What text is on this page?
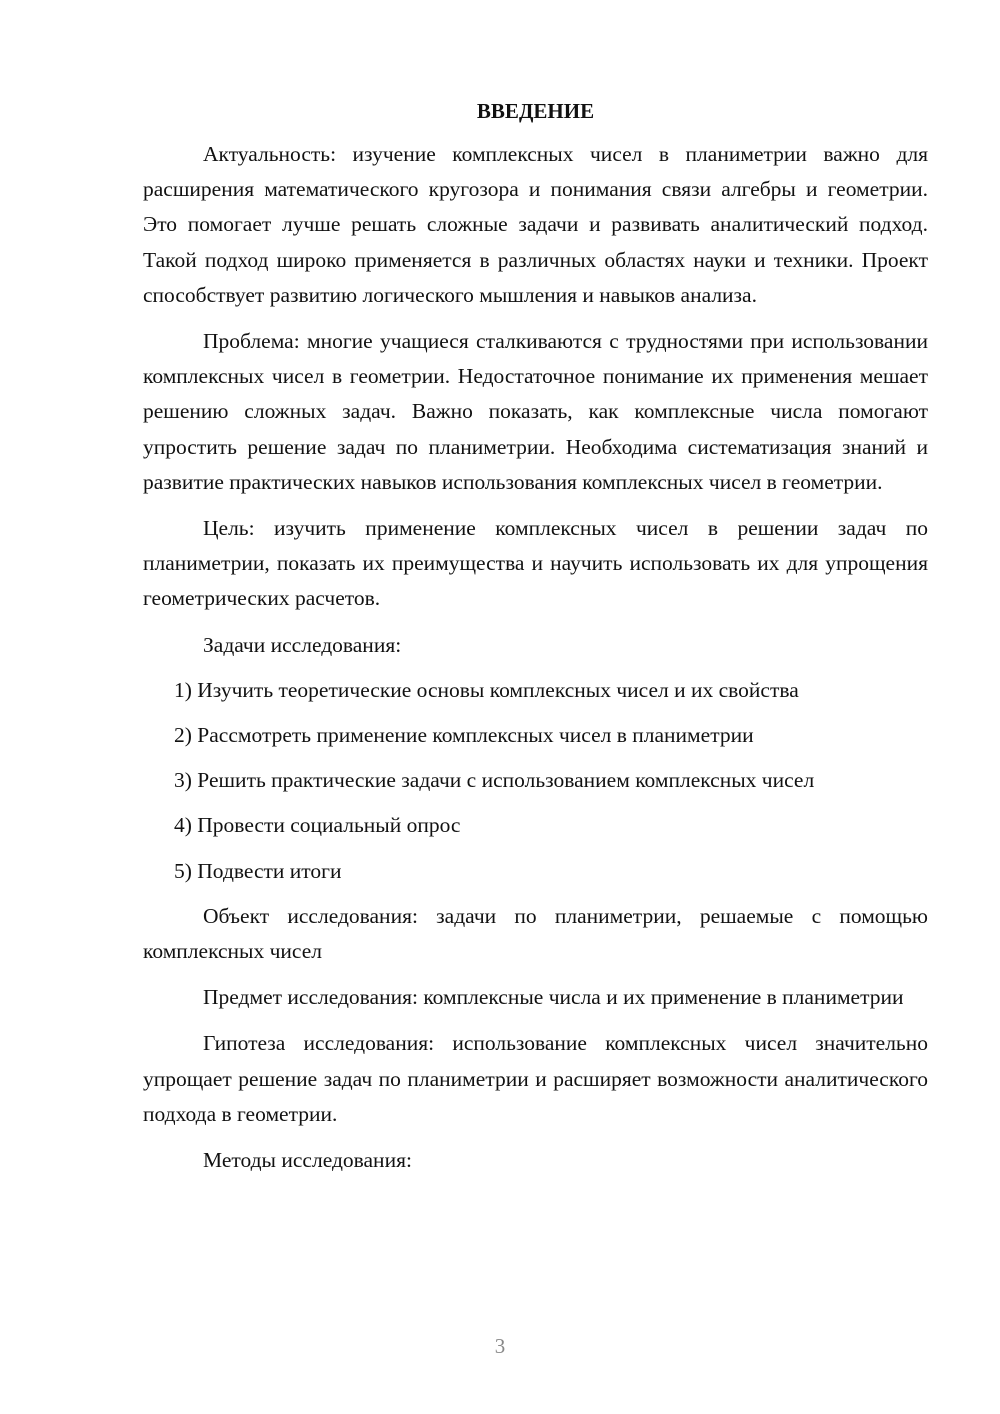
ВВЕДЕНИЕ

Актуальность: изучение комплексных чисел в планиметрии важно для расширения математического кругозора и понимания связи алгебры и геометрии. Это помогает лучше решать сложные задачи и развивать аналитический подход. Такой подход широко применяется в различных областях науки и техники. Проект способствует развитию логического мышления и навыков анализа.

Проблема: многие учащиеся сталкиваются с трудностями при использовании комплексных чисел в геометрии. Недостаточное понимание их применения мешает решению сложных задач. Важно показать, как комплексные числа помогают упростить решение задач по планиметрии. Необходима систематизация знаний и развитие практических навыков использования комплексных чисел в геометрии.

Цель: изучить применение комплексных чисел в решении задач по планиметрии, показать их преимущества и научить использовать их для упрощения геометрических расчетов.

Задачи исследования:
1) Изучить теоретические основы комплексных чисел и их свойства
2) Рассмотреть применение комплексных чисел в планиметрии
3) Решить практические задачи с использованием комплексных чисел
4) Провести социальный опрос
5) Подвести итоги

Объект исследования: задачи по планиметрии, решаемые с помощью комплексных чисел

Предмет исследования: комплексные числа и их применение в планиметрии

Гипотеза исследования: использование комплексных чисел значительно упрощает решение задач по планиметрии и расширяет возможности аналитического подхода в геометрии.

Методы исследования:
3
